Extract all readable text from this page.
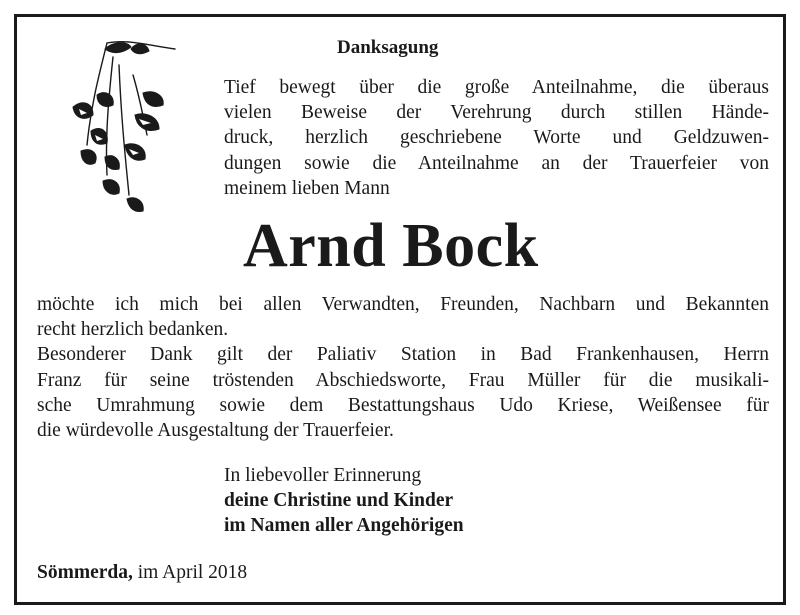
Danksagung
Tief bewegt über die große Anteilnahme, die überaus
vielen Beweise der Verehrung durch stillen Hände-
druck, herzlich geschriebene Worte und Geldzuwen-
dungen sowie die Anteilnahme an der Trauerfeier von
meinem lieben Mann
Arnd Bock
möchte ich mich bei allen Verwandten, Freunden, Nachbarn und Bekannten
recht herzlich bedanken.
Besonderer Dank gilt der Paliativ Station in Bad Frankenhausen, Herrn
Franz für seine tröstenden Abschiedsworte, Frau Müller für die musikali-
sche Umrahmung sowie dem Bestattungshaus Udo Kriese, Weißensee für
die würdevolle Ausgestaltung der Trauerfeier.
In liebevoller Erinnerung
deine Christine und Kinder
im Namen aller Angehörigen
Sömmerda, im April 2018
